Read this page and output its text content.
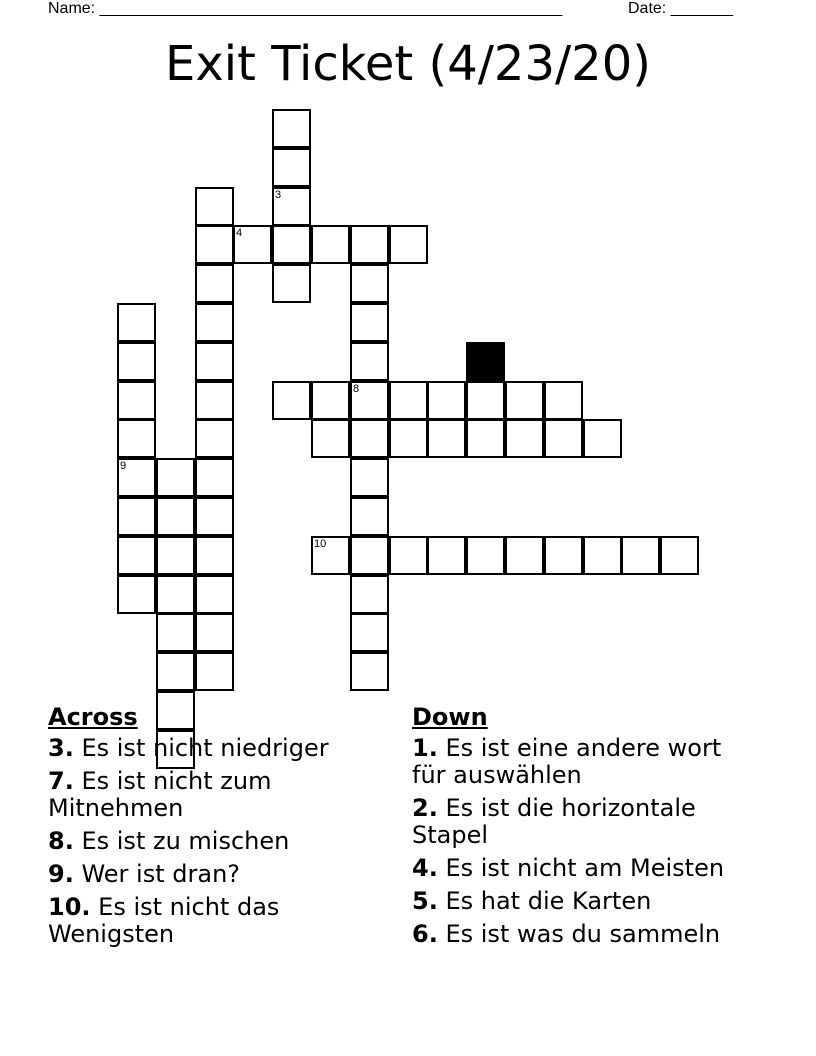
Name: ____________________________________________________	Date: _______
Exit Ticket (4/23/20)
3
8
4
9
10
Across
3. Es ist nicht niedriger
7. Es ist nicht zum Mitnehmen
8. Es ist zu mischen
9. Wer ist dran?
10. Es ist nicht das Wenigsten
Down
1. Es ist eine andere wort für auswählen
2. Es ist die horizontale Stapel
4. Es ist nicht am Meisten
5. Es hat die Karten
6. Es ist was du sammeln
